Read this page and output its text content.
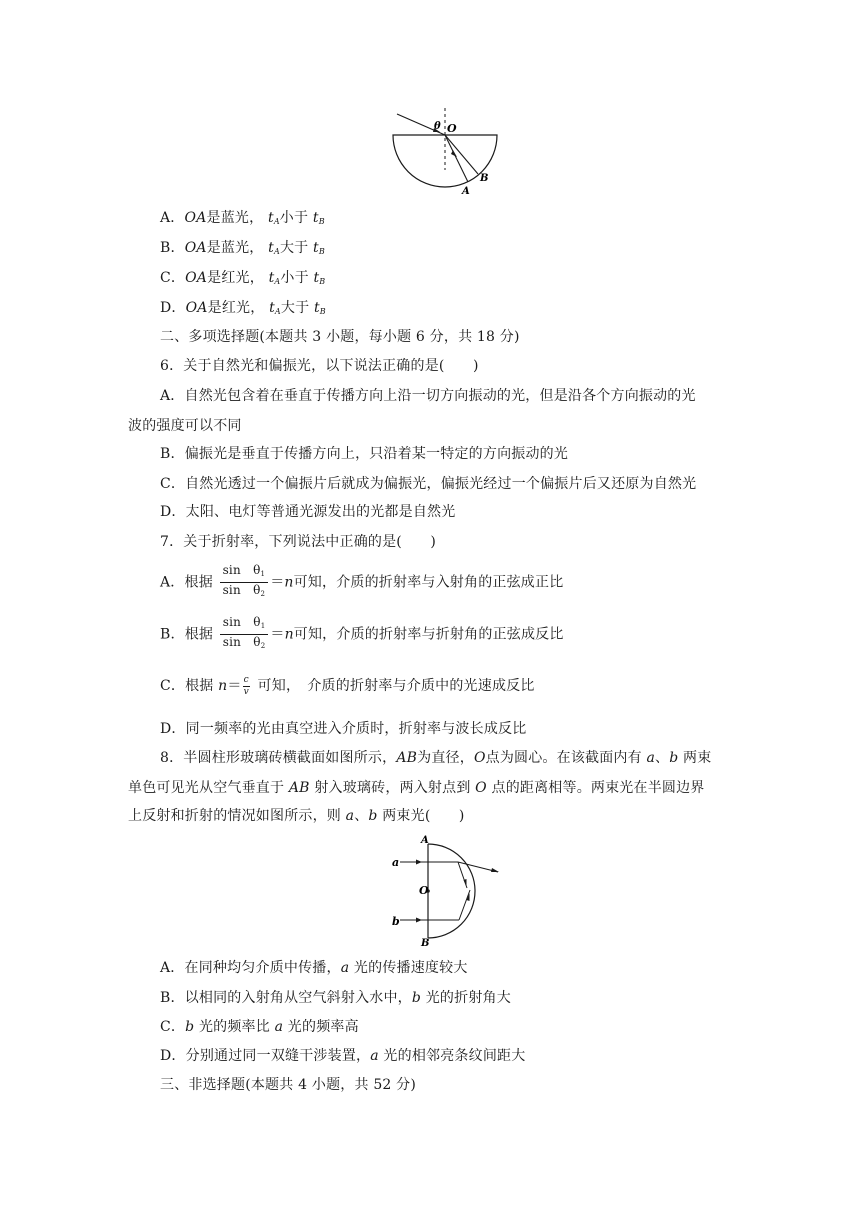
θ O
A
B
A．OA是蓝光， $t_A$小于 $t_B$
B．OA是蓝光， $t_A$大于 $t_B$
C．OA是红光， $t_A$小于 $t_B$
D．OA是红光， $t_A$大于 $t_B$
二、多项选择题(本题共 3 小题，每小题 6 分，共 18 分)
6．关于自然光和偏振光，以下说法正确的是(　　)
A．自然光包含着在垂直于传播方向上沿一切方向振动的光，但是沿各个方向振动的光
波的强度可以不同
B．偏振光是垂直于传播方向上，只沿着某一特定的方向振动的光
C．自然光透过一个偏振片后就成为偏振光，偏振光经过一个偏振片后又还原为自然光
D．太阳、电灯等普通光源发出的光都是自然光
7．关于折射率，下列说法中正确的是(　　)
A．根据 $\frac{\sin \theta_1}{\sin \theta_2} =n$可知，介质的折射率与入射角的正弦成正比
B．根据 $\frac{\sin \theta_1}{\sin \theta_2} =n$可知，介质的折射率与折射角的正弦成反比
C．根据 $n= \frac{c}{v}$ 可知，　介质的折射率与介质中的光速成反比
D．同一频率的光由真空进入介质时，折射率与波长成反比
8．半圆柱形玻璃砖横截面如图所示，AB为直径，O点为圆心。在该截面内有 a、b 两束
单色可见光从空气垂直于 AB 射入玻璃砖，两入射点到 O 点的距离相等。两束光在半圆边界
上反射和折射的情况如图所示，则 a、b 两束光(　　)
a
b
A
B
O
A．在同种均匀介质中传播，a 光的传播速度较大
B．以相同的入射角从空气斜射入水中，b 光的折射角大
C．b 光的频率比 a 光的频率高
D．分别通过同一双缝干涉装置，a 光的相邻亮条纹间距大
三、非选择题(本题共 4 小题，共 52 分)
